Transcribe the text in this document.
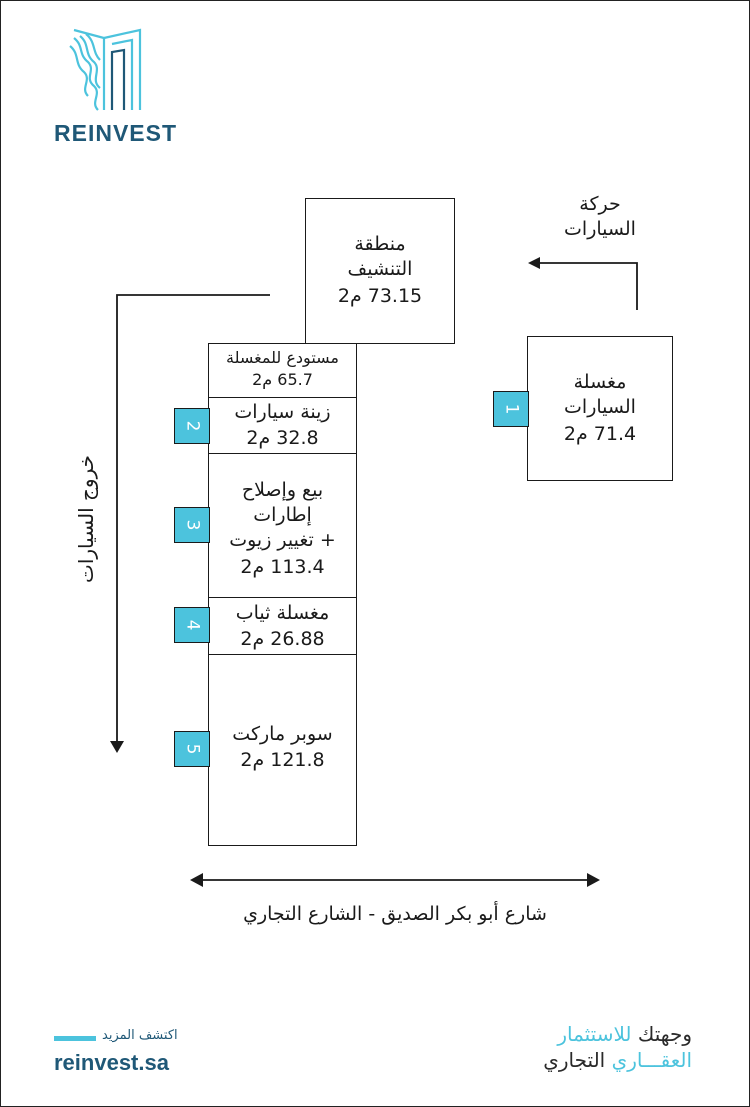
REINVEST
منطقة
التنشيف
73.15 م2
مستودع للمغسلة
65.7 م2
زينة سيارات
32.8 م2
2
بيع وإصلاح
إطارات
+ تغيير زيوت
113.4 م2
3
مغسلة ثياب
26.88 م2
4
سوبر ماركت
121.8 م2
5
مغسلة
السيارات
71.4 م2
1
حركة
السيارات
خروج السيارات
شارع أبو بكر الصديق - الشارع التجاري
اكتشف المزيد
reinvest.sa
وجهتك للاستثمار
العقـــاري التجاري
